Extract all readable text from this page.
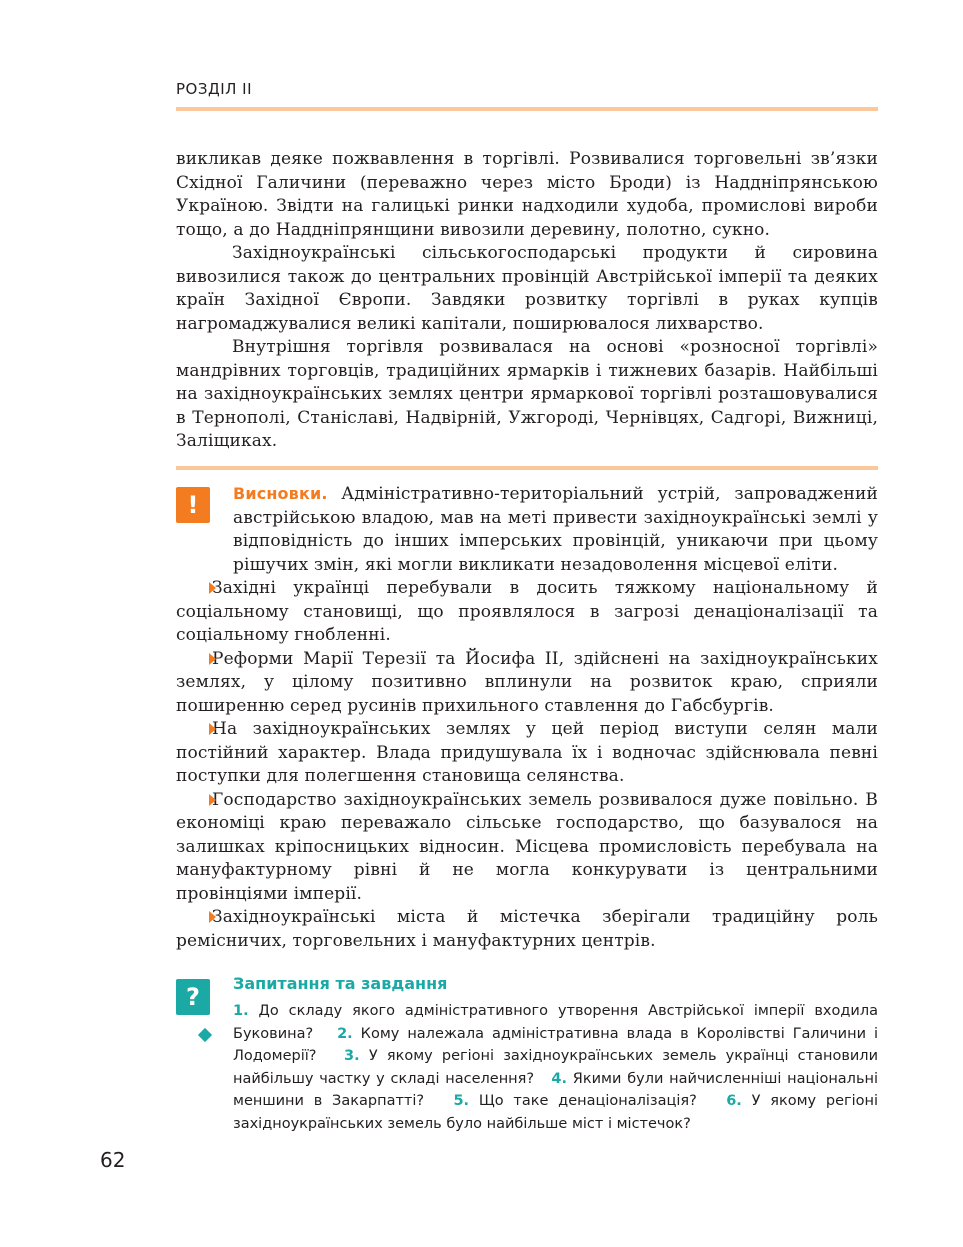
РОЗДІЛ II

викликав деяке пожвавлення в торгівлі. Розвивалися торговельні зв’язки Східної Галичини (переважно через місто Броди) із Наддніпрянською Україною. Звідти на галицькі ринки надходили худоба, промислові вироби тощо, а до Наддніпрянщини вивозили деревину, полотно, сукно.

Західноукраїнські сільськогосподарські продукти й сировина вивозилися також до центральних провінцій Австрійської імперії та деяких країн Західної Європи. Завдяки розвитку торгівлі в руках купців нагромаджувалися великі капітали, поширювалося лихварство.

Внутрішня торгівля розвивалася на основі «розносної торгівлі» мандрівних торговців, традиційних ярмарків і тижневих базарів. Найбільші на західноукраїнських землях центри ярмаркової торгівлі розташовувалися в Тернополі, Станіславі, Надвірній, Ужгороді, Чернівцях, Садгорі, Вижниці, Заліщиках.

!	Висновки. Адміністративно-територіальний устрій, запроваджений австрійською владою, мав на меті привести західноукраїнські землі у відповідність до інших імперських провінцій, уникаючи при цьому рішучих змін, які могли викликати незадоволення місцевої еліти.

Західні українці перебували в досить тяжкому національному й соціальному становищі, що проявлялося в загрозі денаціоналізації та соціальному гнобленні.

Реформи Марії Терезії та Йосифа II, здійснені на західноукраїнських землях, у цілому позитивно вплинули на розвиток краю, сприяли поширенню серед русинів прихильного ставлення до Габсбургів.

На західноукраїнських землях у цей період виступи селян мали постійний характер. Влада придушувала їх і водночас здійснювала певні поступки для полегшення становища селянства.

Господарство західноукраїнських земель розвивалося дуже повільно. В економіці краю переважало сільське господарство, що базувалося на залишках кріпосницьких відносин. Місцева промисловість перебувала на мануфактурному рівні й не могла конкурувати із центральними провінціями імперії.

Західноукраїнські міста й містечка зберігали традиційну роль ремісничих, торговельних і мануфактурних центрів.

?	Запитання та завдання

1. До складу якого адміністративного утворення Австрійської імперії входила Буковина? 2. Кому належала адміністративна влада в Королівстві Галичини і Лодомерії? 3. У якому регіоні західноукраїнських земель українці становили найбільшу частку у складі населення? 4. Якими були найчисленніші національні меншини в Закарпатті? 5. Що таке денаціоналізація? 6. У якому регіоні західноукраїнських земель було найбільше міст і містечок?

62
